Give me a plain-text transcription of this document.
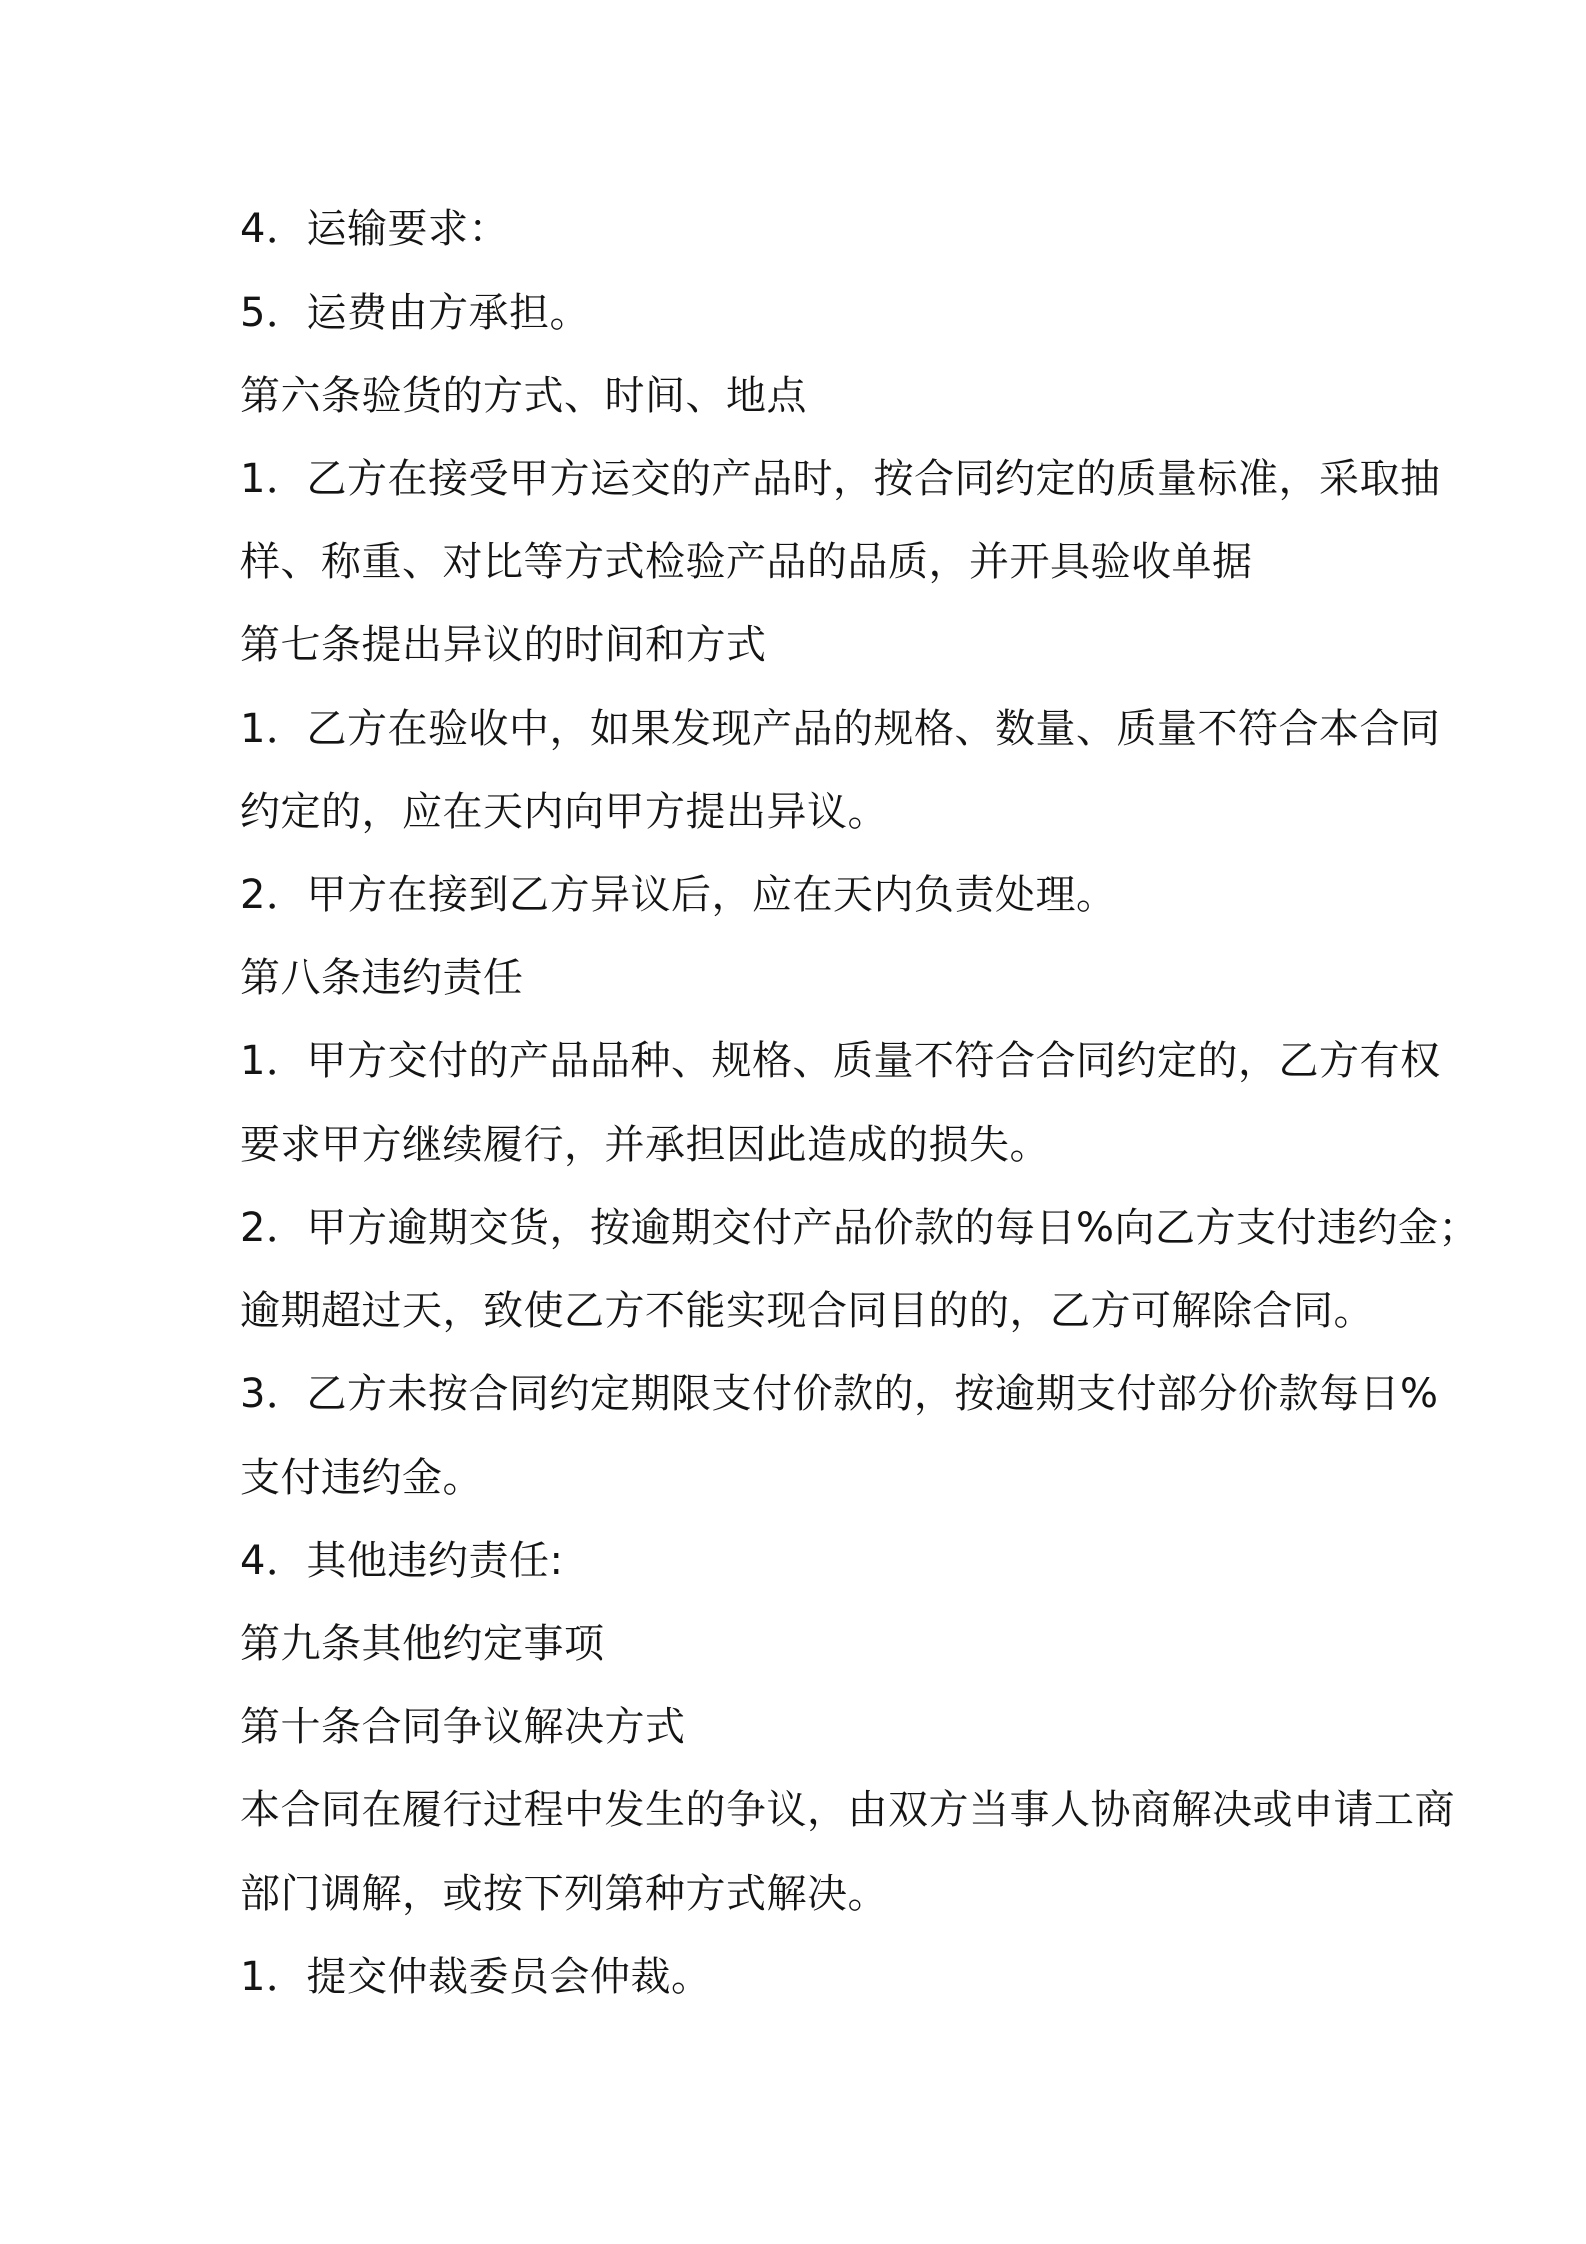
4．运输要求：
5．运费由方承担。
第六条验货的方式、时间、地点
1．乙方在接受甲方运交的产品时，按合同约定的质量标准，采取抽
样、称重、对比等方式检验产品的品质，并开具验收单据
第七条提出异议的时间和方式
1．乙方在验收中，如果发现产品的规格、数量、质量不符合本合同
约定的，应在天内向甲方提出异议。
2．甲方在接到乙方异议后，应在天内负责处理。
第八条违约责任
1．甲方交付的产品品种、规格、质量不符合合同约定的，乙方有权
要求甲方继续履行，并承担因此造成的损失。
2．甲方逾期交货，按逾期交付产品价款的每日%向乙方支付违约金；
逾期超过天，致使乙方不能实现合同目的的，乙方可解除合同。
3．乙方未按合同约定期限支付价款的，按逾期支付部分价款每日%
支付违约金。
4．其他违约责任:
第九条其他约定事项
第十条合同争议解决方式
本合同在履行过程中发生的争议，由双方当事人协商解决或申请工商
部门调解，或按下列第种方式解决。
1．提交仲裁委员会仲裁。
